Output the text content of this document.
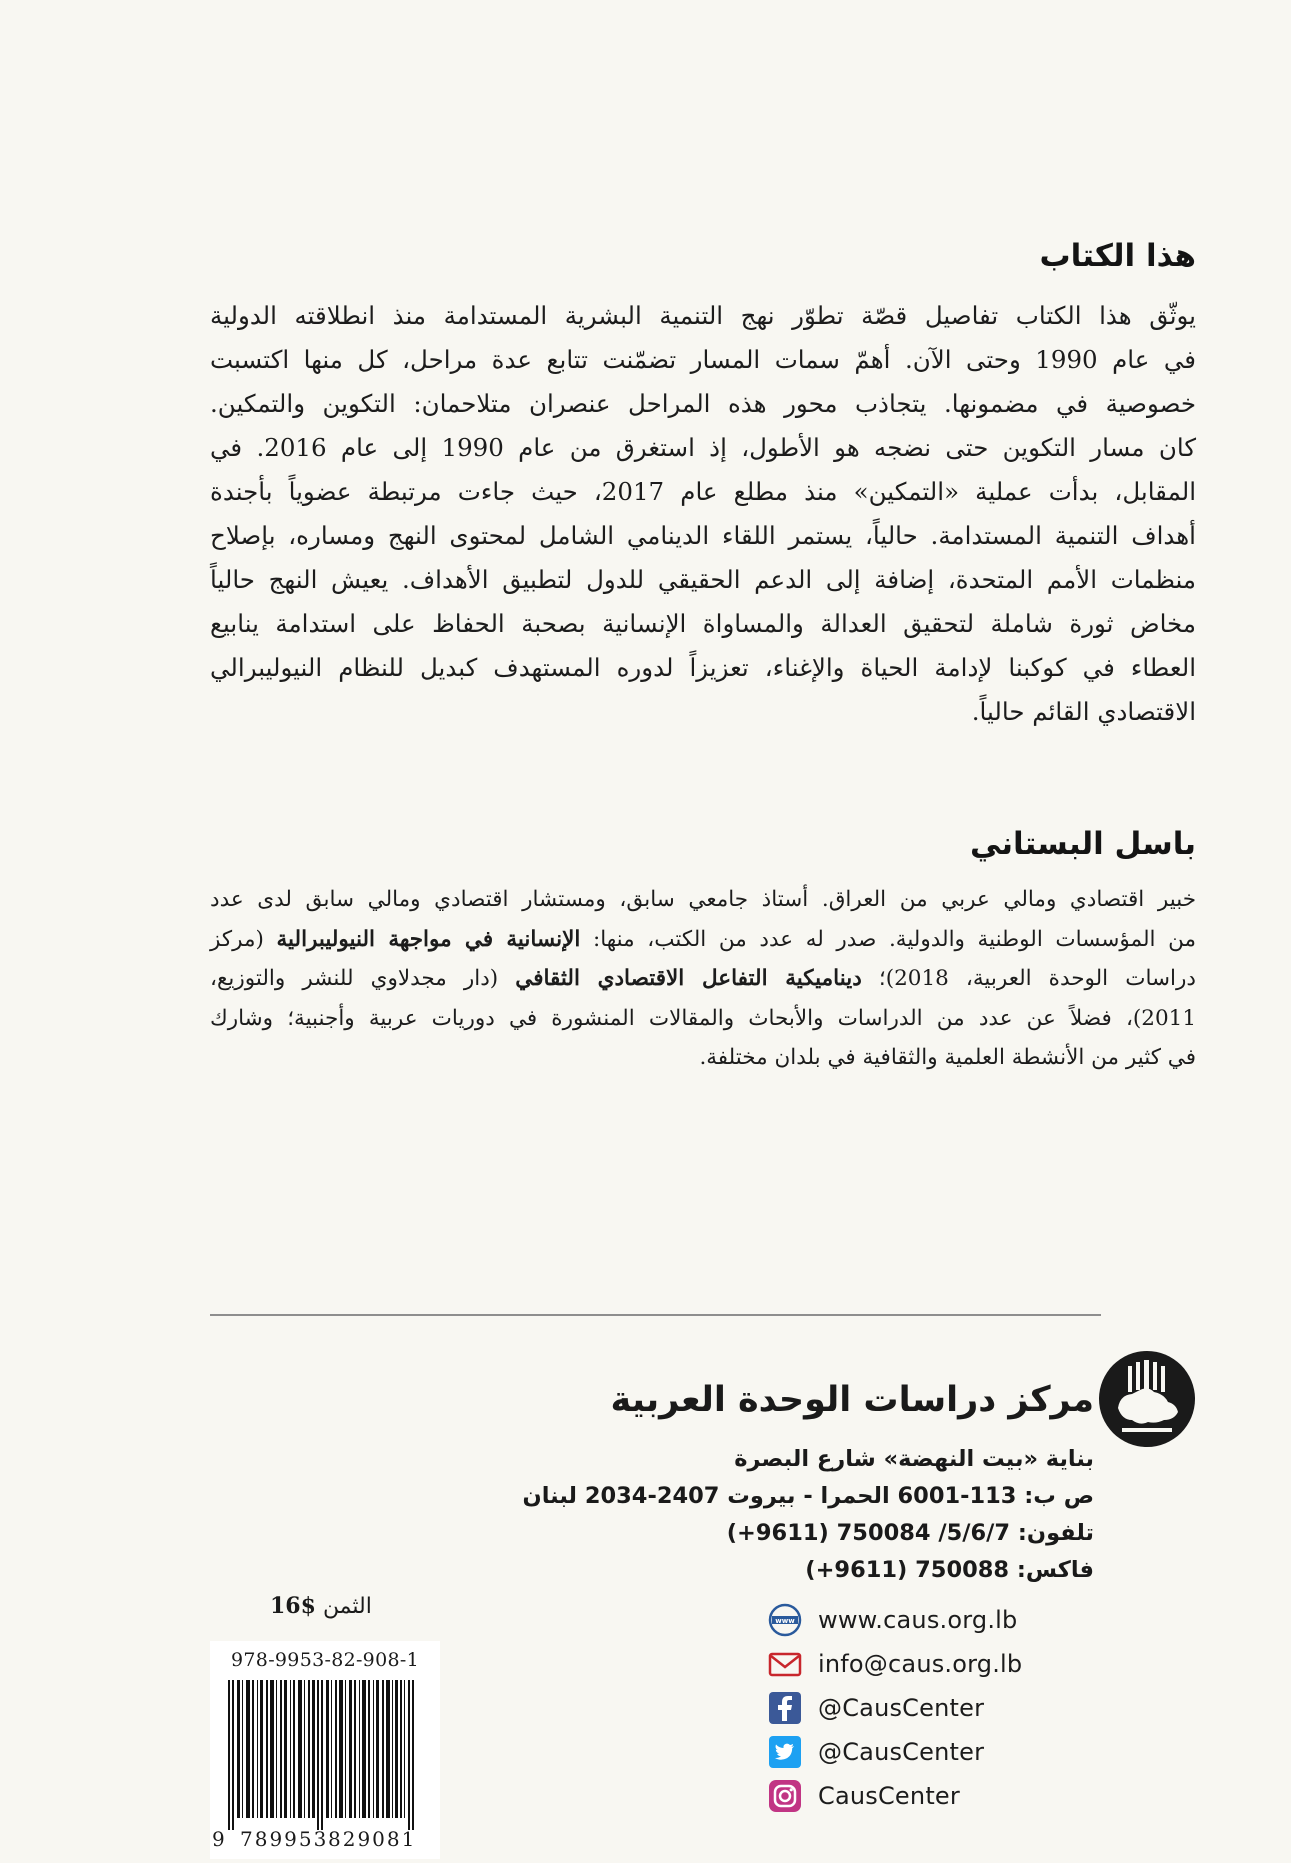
هذا الكتاب
يوثّق هذا الكتاب تفاصيل قصّة تطوّر نهج التنمية البشرية المستدامة منذ انطلاقته الدولية
في عام 1990 وحتى الآن. أهمّ سمات المسار تضمّنت تتابع عدة مراحل، كل منها اكتسبت
خصوصية في مضمونها. يتجاذب محور هذه المراحل عنصران متلاحمان: التكوين والتمكين.
كان مسار التكوين حتى نضجه هو الأطول، إذ استغرق من عام 1990 إلى عام 2016. في
المقابل، بدأت عملية «التمكين» منذ مطلع عام 2017، حيث جاءت مرتبطة عضوياً بأجندة
أهداف التنمية المستدامة. حالياً، يستمر اللقاء الدينامي الشامل لمحتوى النهج ومساره، بإصلاح
منظمات الأمم المتحدة، إضافة إلى الدعم الحقيقي للدول لتطبيق الأهداف. يعيش النهج حالياً
مخاض ثورة شاملة لتحقيق العدالة والمساواة الإنسانية بصحبة الحفاظ على استدامة ينابيع
العطاء في كوكبنا لإدامة الحياة والإغناء، تعزيزاً لدوره المستهدف كبديل للنظام النيوليبرالي
الاقتصادي القائم حالياً.
باسل البستاني
خبير اقتصادي ومالي عربي من العراق. أستاذ جامعي سابق، ومستشار اقتصادي ومالي سابق لدى عدد
من المؤسسات الوطنية والدولية. صدر له عدد من الكتب، منها: الإنسانية في مواجهة النيوليبرالية (مركز
دراسات الوحدة العربية، 2018)؛ ديناميكية التفاعل الاقتصادي الثقافي (دار مجدلاوي للنشر والتوزيع،
2011)، فضلاً عن عدد من الدراسات والأبحاث والمقالات المنشورة في دوريات عربية وأجنبية؛ وشارك
في كثير من الأنشطة العلمية والثقافية في بلدان مختلفة.
مركز دراسات الوحدة العربية
بناية «بيت النهضة» شارع البصرة
ص ب: 113-6001 الحمرا - بيروت 2407-2034 لبنان
تلفون: (+9611) 750084 /5/6/7
فاكس: (+9611) 750088
الثمن $16
978-9953-82-908-1
9 789953 829081
www www.caus.org.lb
info@caus.org.lb
@CausCenter
@CausCenter
CausCenter
